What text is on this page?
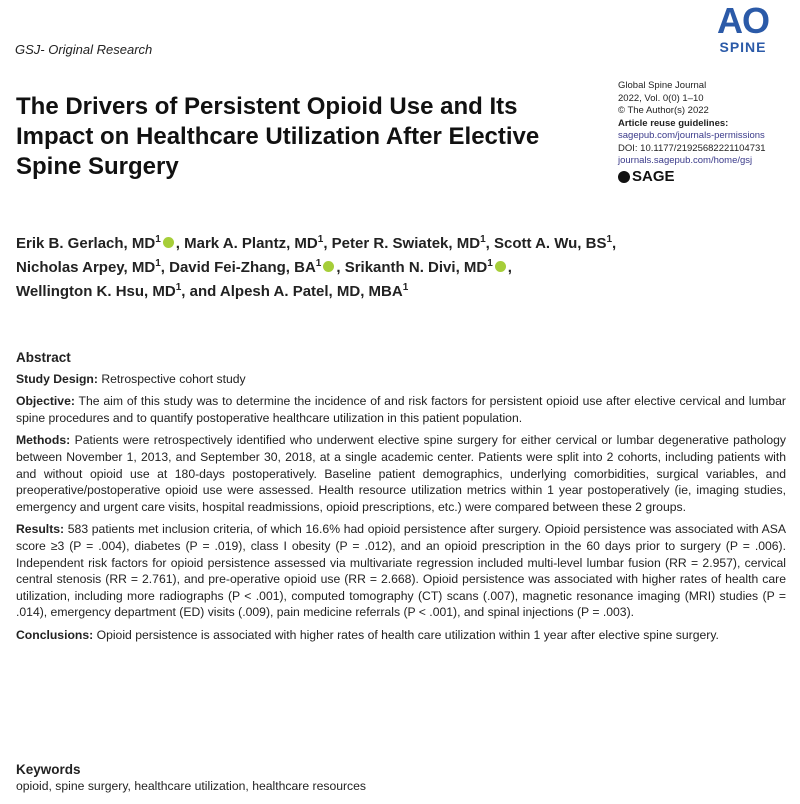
GSJ- Original Research
AO
SPINE
The Drivers of Persistent Opioid Use and Its Impact on Healthcare Utilization After Elective Spine Surgery
Global Spine Journal
2022, Vol. 0(0) 1–10
© The Author(s) 2022
Article reuse guidelines:
sagepub.com/journals-permissions
DOI: 10.1177/21925682221104731
journals.sagepub.com/home/gsj
SAGE
Erik B. Gerlach, $MD^1$ , Mark A. Plantz, $MD^1$, Peter R. Swiatek, $MD^1$, Scott A. Wu, $BS^1$,
Nicholas Arpey, $MD^1$, David Fei-Zhang, $BA^1$ , Srikanth N. Divi, $MD^1$ ,
Wellington K. Hsu, $MD^1$, and Alpesh A. Patel, MD, MBA$^1$
Abstract

Study Design: Retrospective cohort study

Objective: The aim of this study was to determine the incidence of and risk factors for persistent opioid use after elective cervical and lumbar spine procedures and to quantify postoperative healthcare utilization in this patient population.

Methods: Patients were retrospectively identified who underwent elective spine surgery for either cervical or lumbar degenerative pathology between November 1, 2013, and September 30, 2018, at a single academic center. Patients were split into 2 cohorts, including patients with and without opioid use at 180-days postoperatively. Baseline patient demographics, underlying comorbidities, surgical variables, and preoperative/postoperative opioid use were assessed. Health resource utilization metrics within 1 year postoperatively (ie, imaging studies, emergency and urgent care visits, hospital readmissions, opioid prescriptions, etc.) were compared between these 2 groups.

Results: 583 patients met inclusion criteria, of which 16.6% had opioid persistence after surgery. Opioid persistence was associated with ASA score ≥3 (P = .004), diabetes (P = .019), class I obesity (P = .012), and an opioid prescription in the 60 days prior to surgery (P = .006). Independent risk factors for opioid persistence assessed via multivariate regression included multi-level lumbar fusion (RR = 2.957), cervical central stenosis (RR = 2.761), and pre-operative opioid use (RR = 2.668). Opioid persistence was associated with higher rates of health care utilization, including more radiographs (P < .001), computed tomography (CT) scans (.007), magnetic resonance imaging (MRI) studies (P = .014), emergency department (ED) visits (.009), pain medicine referrals (P < .001), and spinal injections (P = .003).

Conclusions: Opioid persistence is associated with higher rates of health care utilization within 1 year after elective spine surgery.

Keywords
opioid, spine surgery, healthcare utilization, healthcare resources
